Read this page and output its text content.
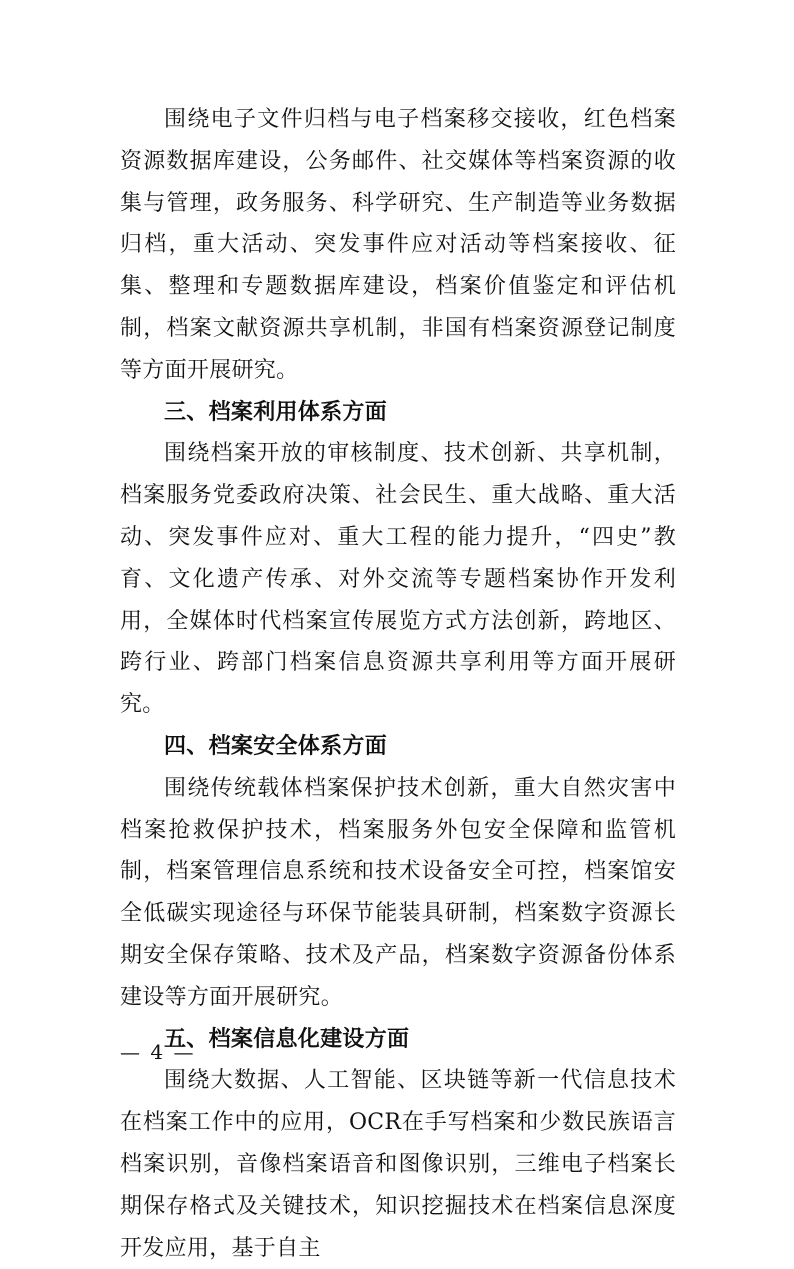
围绕电子文件归档与电子档案移交接收，红色档案资源数据库建设，公务邮件、社交媒体等档案资源的收集与管理，政务服务、科学研究、生产制造等业务数据归档，重大活动、突发事件应对活动等档案接收、征集、整理和专题数据库建设，档案价值鉴定和评估机制，档案文献资源共享机制，非国有档案资源登记制度等方面开展研究。

三、档案利用体系方面

围绕档案开放的审核制度、技术创新、共享机制，档案服务党委政府决策、社会民生、重大战略、重大活动、突发事件应对、重大工程的能力提升，“四史”教育、文化遗产传承、对外交流等专题档案协作开发利用，全媒体时代档案宣传展览方式方法创新，跨地区、跨行业、跨部门档案信息资源共享利用等方面开展研究。

四、档案安全体系方面

围绕传统载体档案保护技术创新，重大自然灾害中档案抢救保护技术，档案服务外包安全保障和监管机制，档案管理信息系统和技术设备安全可控，档案馆安全低碳实现途径与环保节能装具研制，档案数字资源长期安全保存策略、技术及产品，档案数字资源备份体系建设等方面开展研究。

五、档案信息化建设方面

围绕大数据、人工智能、区块链等新一代信息技术在档案工作中的应用，OCR在手写档案和少数民族语言档案识别，音像档案语音和图像识别，三维电子档案长期保存格式及关键技术，知识挖掘技术在档案信息深度开发应用，基于自主

— 4 —
